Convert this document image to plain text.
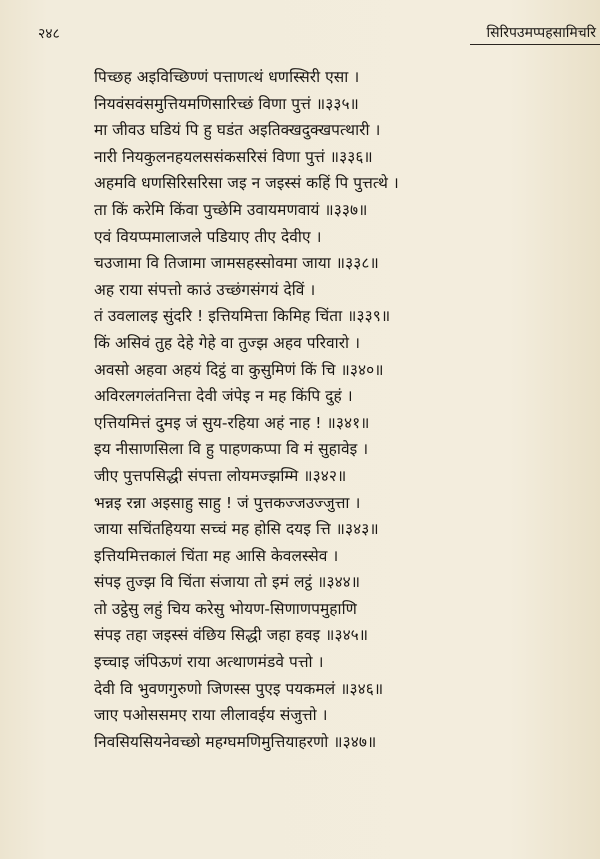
२४८	सिरिपउमप्पहसामिचरि
पिच्छह अइविच्छिण्णं पत्ताणत्थं धणस्सिरी एसा ।
नियवंसवंसमुत्तियमणिसारिच्छं विणा पुत्तं ॥३३५॥
मा जीवउ घडियं पि हु घडंत अइतिक्खदुक्खपत्थारी ।
नारी नियकुलनहयलससंकसरिसं विणा पुत्तं ॥३३६॥
अहमवि धणसिरिसरिसा जइ न जइस्सं कहिं पि पुत्तत्थे ।
ता किं करेमि किंवा पुच्छेमि उवायमणवायं ॥३३७॥
एवं वियप्पमालाजले पडियाए तीए देवीए ।
चउजामा वि तिजामा जामसहस्सोवमा जाया ॥३३८॥
अह राया संपत्तो काउं उच्छंगसंगयं देविं ।
तं उवलालइ सुंदरि ! इत्तियमित्ता किमिह चिंता ॥३३९॥
किं असिवं तुह देहे गेहे वा तुज्झ अहव परिवारो ।
अवसो अहवा अहयं दिट्ठं वा कुसुमिणं किं चि ॥३४०॥
अविरलगलंतनित्ता देवी जंपेइ न मह किंपि दुहं ।
एत्तियमित्तं दुमइ जं सुय-रहिया अहं नाह ! ॥३४१॥
इय नीसाणसिला वि हु पाहणकप्पा वि मं सुहावेइ ।
जीए पुत्तपसिद्धी संपत्ता लोयमज्झम्मि ॥३४२॥
भन्नइ रन्ना अइसाहु साहु ! जं पुत्तकज्जउज्जुत्ता ।
जाया सचिंतहियया सच्चं मह होसि दयइ त्ति ॥३४३॥
इत्तियमित्तकालं चिंता मह आसि केवलस्सेव ।
संपइ तुज्झ वि चिंता संजाया तो इमं लट्ठं ॥३४४॥
तो उट्ठेसु लहुं चिय करेसु भोयण-सिणाणपमुहाणि
संपइ तहा जइस्सं वंछिय सिद्धी जहा हवइ ॥३४५॥
इच्चाइ जंपिऊणं राया अत्थाणमंडवे पत्तो ।
देवी वि भुवणगुरुणो जिणस्स पुएइ पयकमलं ॥३४६॥
जाए पओससमए राया लीलावईय संजुत्तो ।
निवसियसियनेवच्छो महग्घमणिमुत्तियाहरणो ॥३४७॥
